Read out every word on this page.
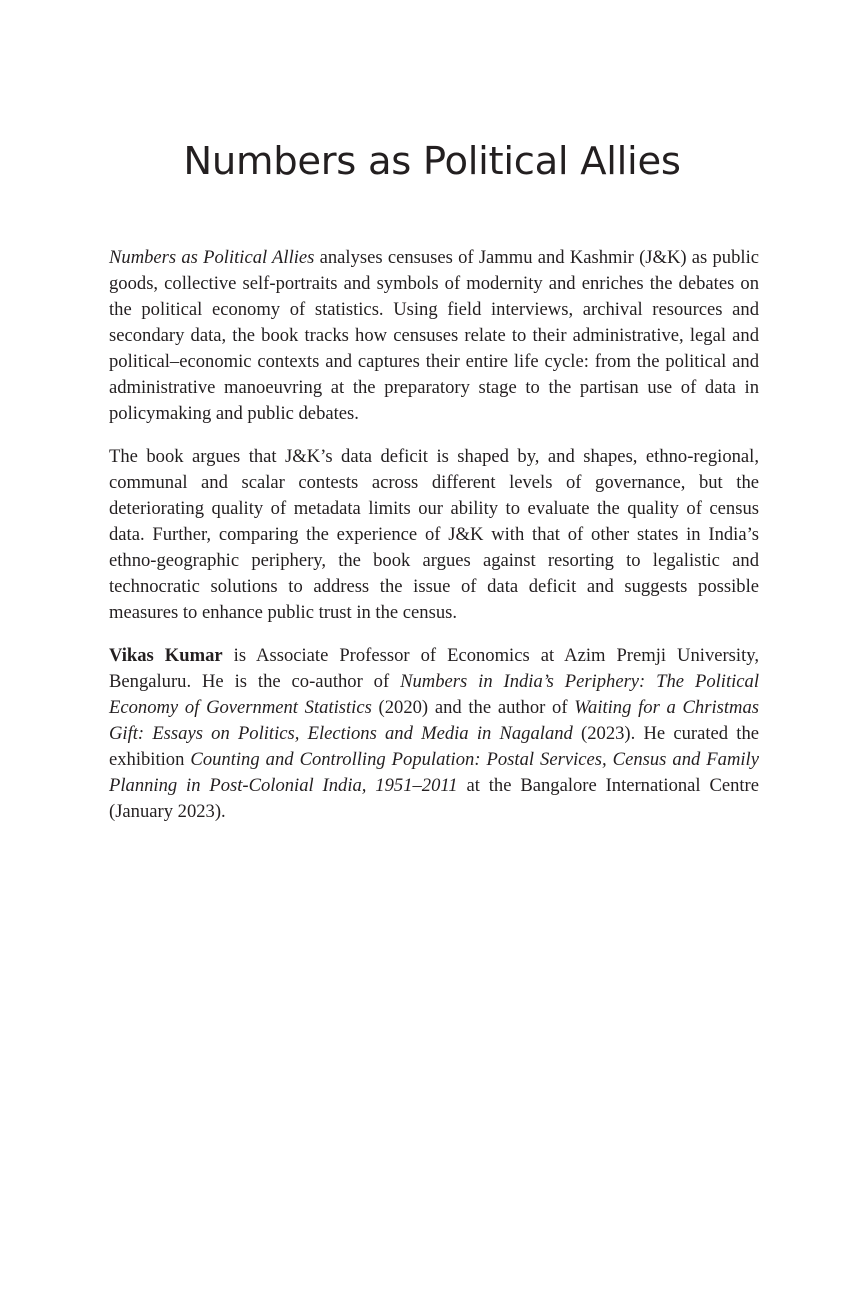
Numbers as Political Allies

Numbers as Political Allies analyses censuses of Jammu and Kashmir (J&K) as public goods, collective self-portraits and symbols of modernity and enriches the debates on the political economy of statistics. Using field interviews, archival resources and secondary data, the book tracks how censuses relate to their administrative, legal and political–economic contexts and captures their entire life cycle: from the political and administrative manoeuvring at the preparatory stage to the partisan use of data in policymaking and public debates.

The book argues that J&K’s data deficit is shaped by, and shapes, ethno-regional, communal and scalar contests across different levels of governance, but the deteriorating quality of metadata limits our ability to evaluate the quality of census data. Further, comparing the experience of J&K with that of other states in India’s ethno-geographic periphery, the book argues against resorting to legalistic and technocratic solutions to address the issue of data deficit and suggests possible measures to enhance public trust in the census.

Vikas Kumar is Associate Professor of Economics at Azim Premji University, Bengaluru. He is the co-author of Numbers in India’s Periphery: The Political Economy of Government Statistics (2020) and the author of Waiting for a Christmas Gift: Essays on Politics, Elections and Media in Nagaland (2023). He curated the exhibition Counting and Controlling Population: Postal Services, Census and Family Planning in Post-Colonial India, 1951–2011 at the Bangalore International Centre (January 2023).
